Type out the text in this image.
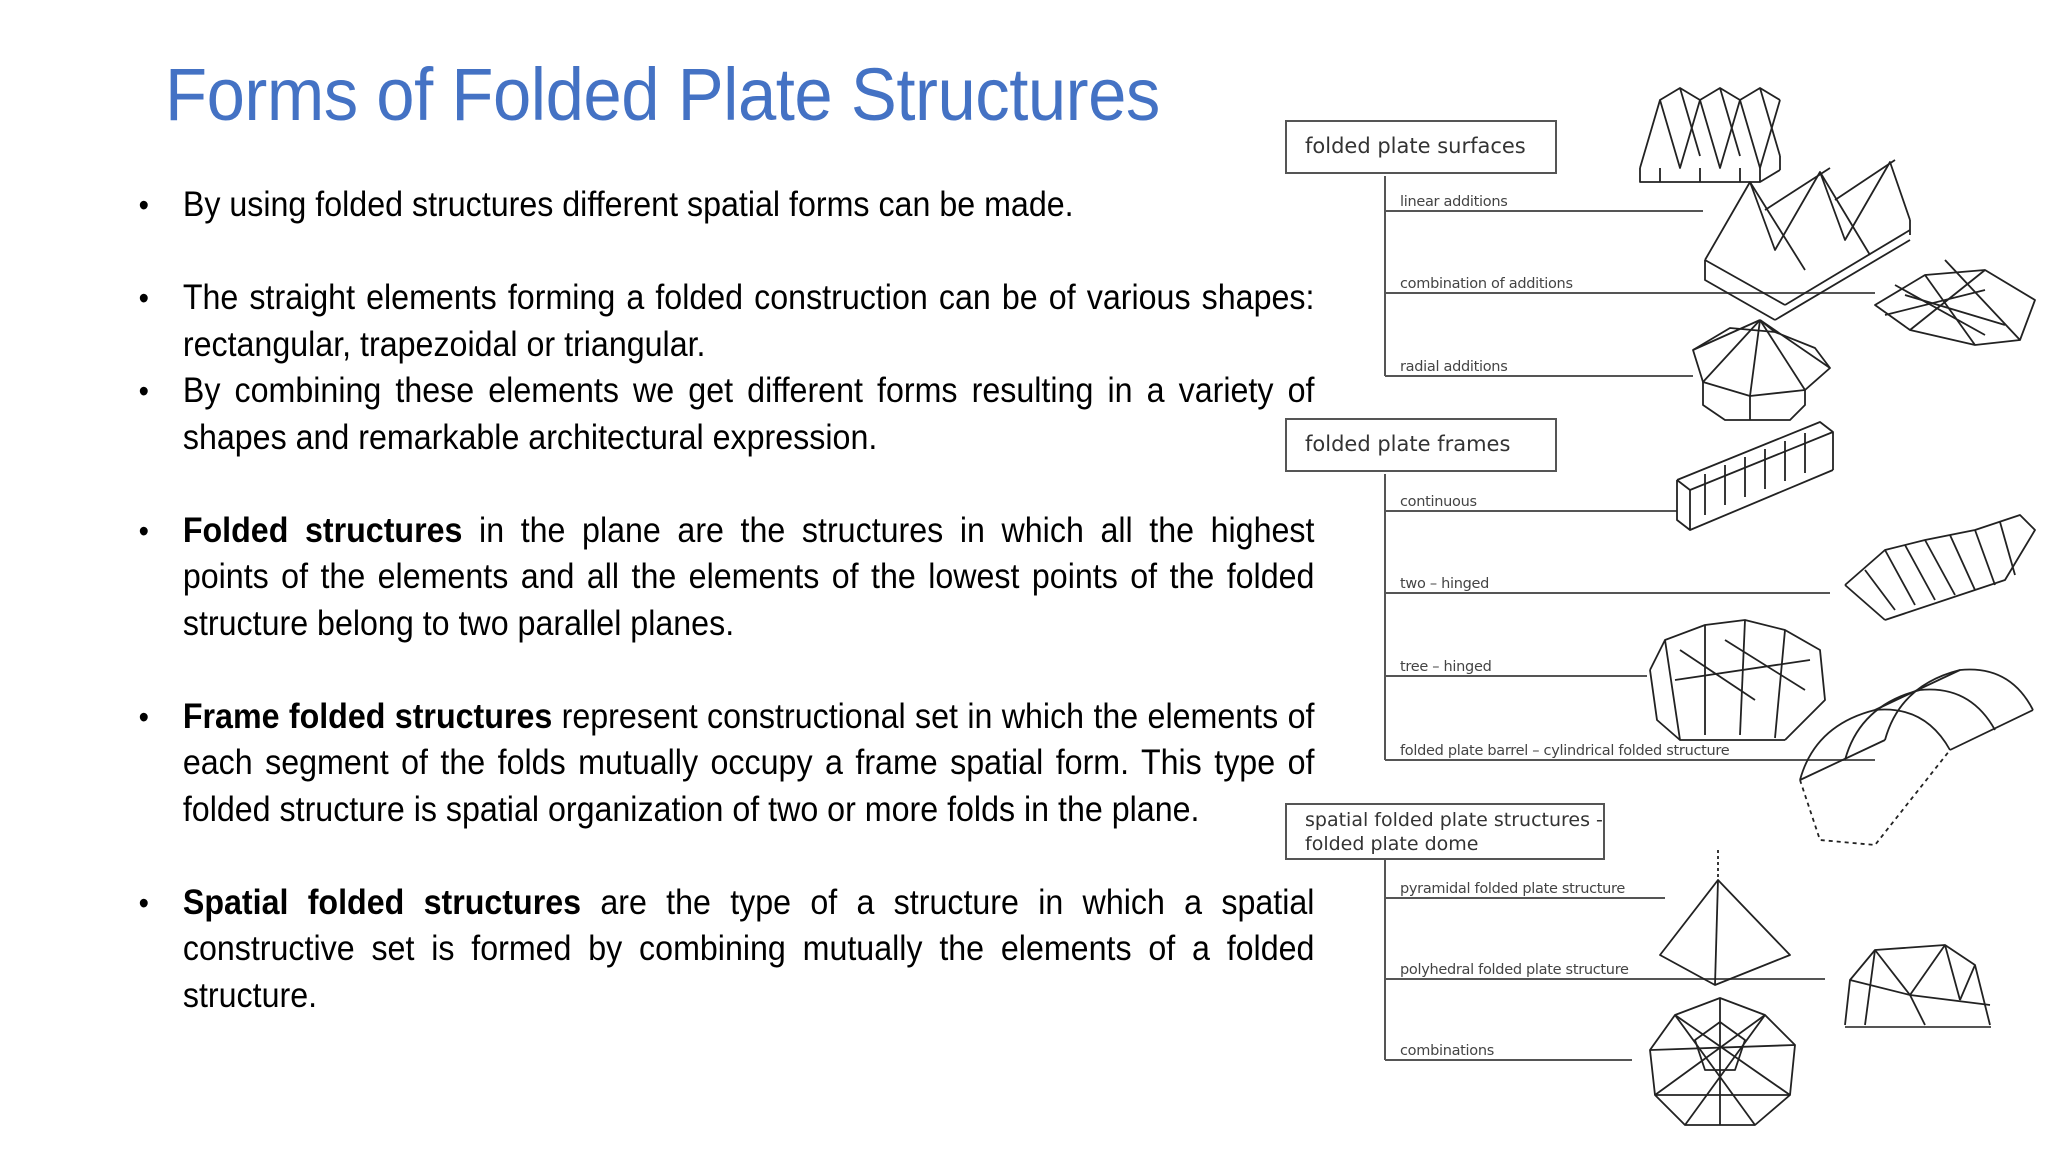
Forms of Folded Plate Structures
• By using folded structures different spatial forms can be made.
• The straight elements forming a folded construction can be of various shapes: rectangular, trapezoidal or triangular.
• By combining these elements we get different forms resulting in a variety of shapes and remarkable architectural expression.
• Folded structures in the plane are the structures in which all the highest points of the elements and all the elements of the lowest points of the folded structure belong to two parallel planes.
• Frame folded structures represent constructional set in which the elements of each segment of the folds mutually occupy a frame spatial form. This type of folded structure is spatial organization of two or more folds in the plane.
• Spatial folded structures are the type of a structure in which a spatial constructive set is formed by combining mutually the elements of a folded structure.
folded plate surfaces
linear additions
combination of additions
radial additions
folded plate frames
continuous
two – hinged
tree – hinged
folded plate barrel – cylindrical folded structure
spatial folded plate structures -
folded plate dome
pyramidal folded plate structure
polyhedral folded plate structure
combinations
